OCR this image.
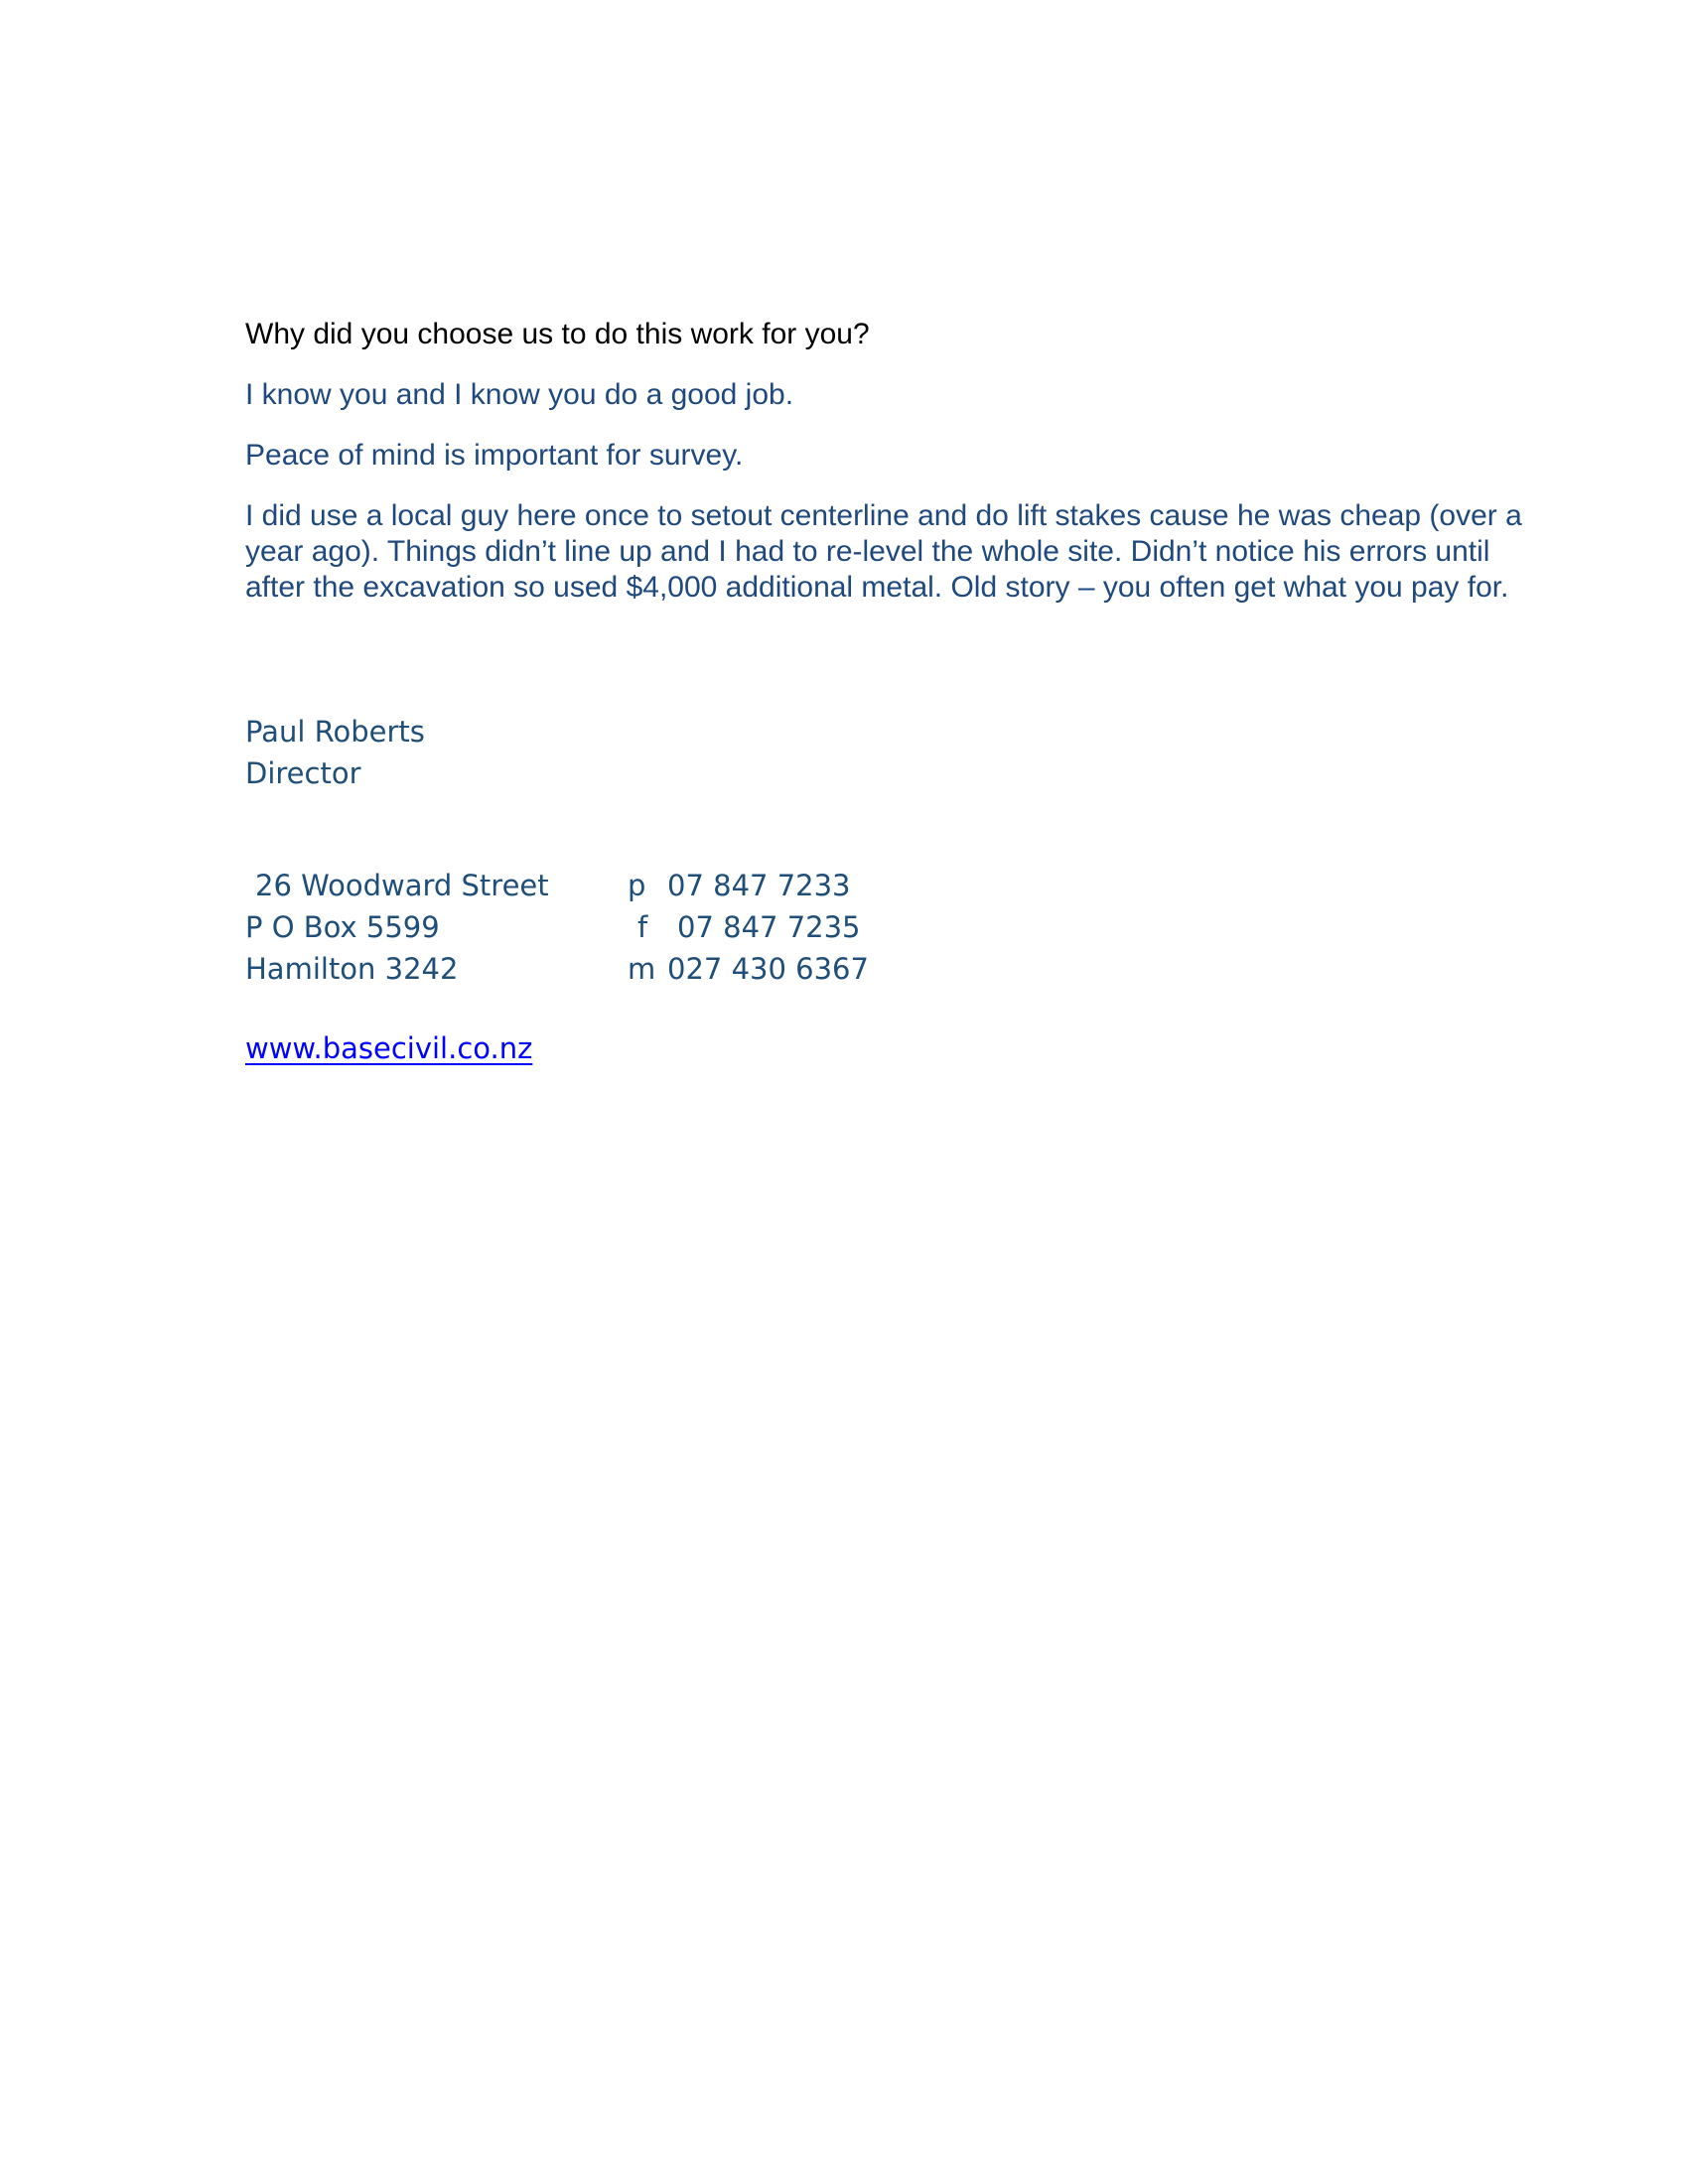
Why did you choose us to do this work for you?

I know you and I know you do a good job.

Peace of mind is important for survey.

I did use a local guy here once to setout centerline and do lift stakes cause he was cheap (over a
year ago). Things didn’t line up and I had to re-level the whole site. Didn’t notice his errors until
after the excavation so used $4,000 additional metal. Old story – you often get what you pay for.
Paul Roberts
Director
26 Woodward Street	p 07 847 7233
P O Box 5599	f 07 847 7235
Hamilton 3242	m 027 430 6367
www.basecivil.co.nz
